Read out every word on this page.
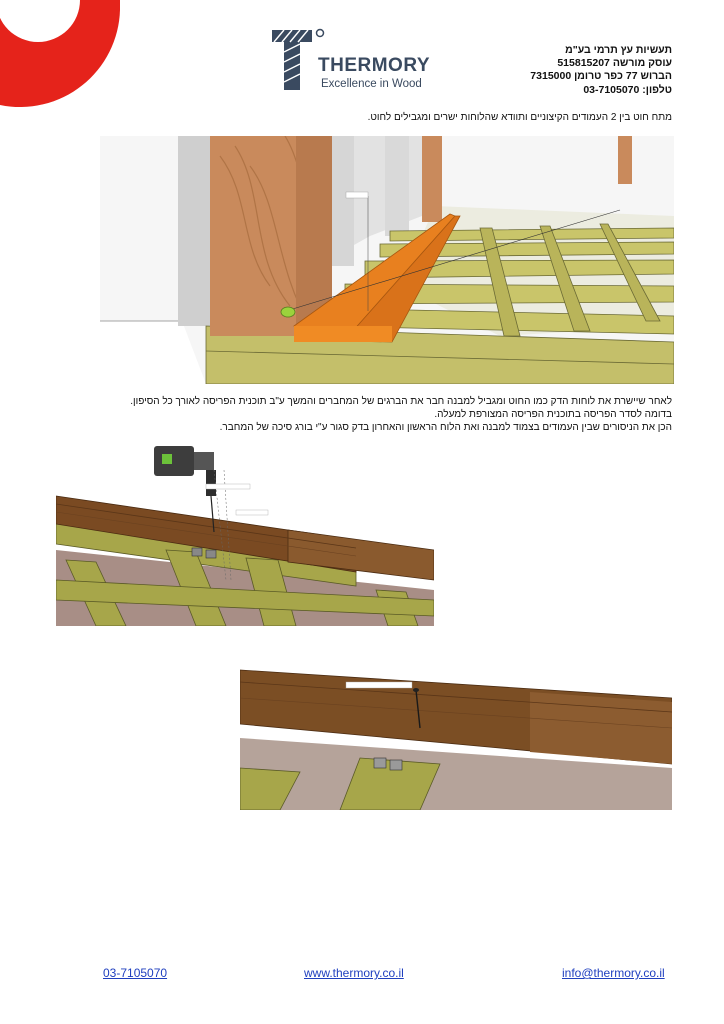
THERMORY
Excellence in Wood
תעשיות עץ תרמי בע"מ
עוסק מורשה 515815207
הברוש 77 כפר טרומן 7315000
טלפון: 03-7105070
מתח חוט בין 2 העמודים הקיצוניים ותוודא שהלוחות ישרים ומגבילים לחוט.
לאחר שיישרת את לוחות הדק כמו החוט ומגביל למבנה חבר את הברגים של המחברים והמשך ע"ב תוכנית הפריסה לאורך כל הסיפון.
בדומה לסדר הפריסה בתוכנית הפריסה המצורפת למעלה.
הכן את הניסורים שבין העמודים בצמוד למבנה ואת הלוח הראשון והאחרון בדק סגור ע"י בורג סיכה של המחבר.
03-7105070	www.thermory.co.il	info@thermory.co.il
